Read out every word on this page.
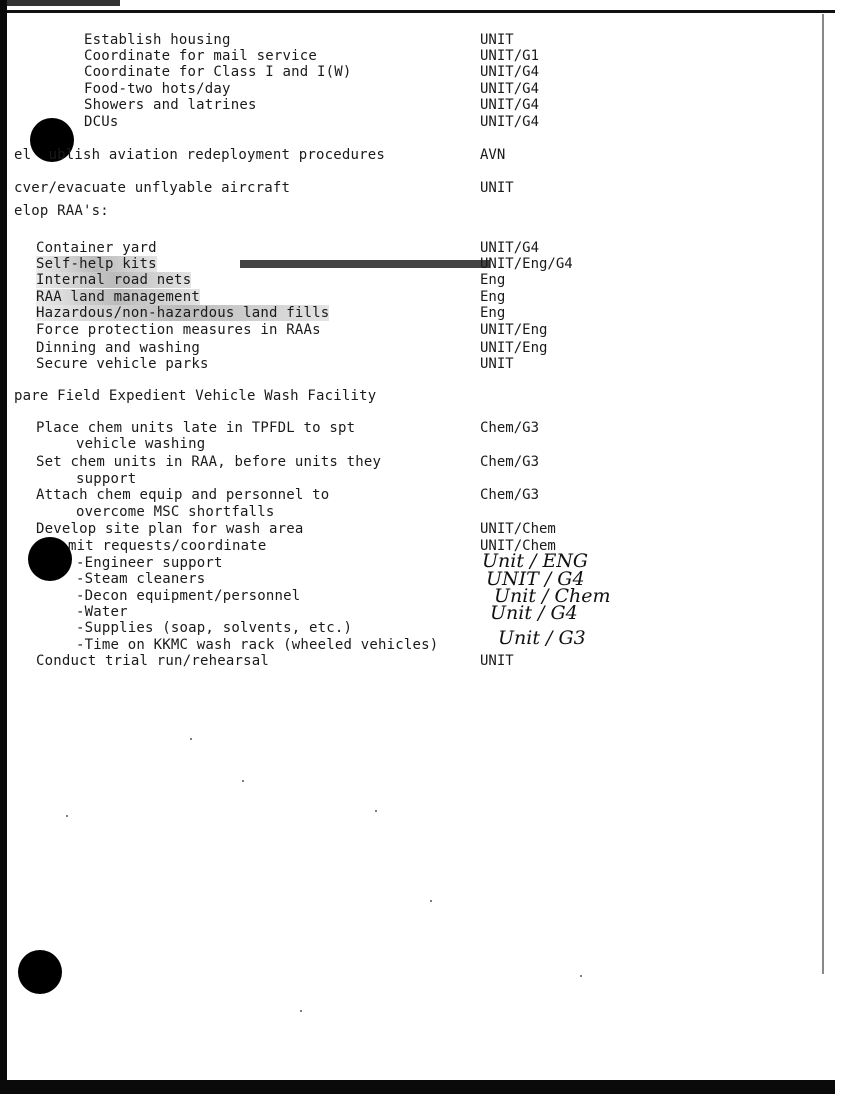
Establish housing	UNIT
Coordinate for mail service	UNIT/G1
Coordinate for Class I and I(W)	UNIT/G4
Food-two hots/day	UNIT/G4
Showers and latrines	UNIT/G4
DCUs	UNIT/G4
el  ublish aviation redeployment procedures	AVN
cver/evacuate unflyable aircraft	UNIT
elop RAA's:
Container yard	UNIT/G4
Self-help kits	UNIT/Eng/G4
Internal road nets	Eng
RAA land management	Eng
Hazardous/non-hazardous land fills	Eng
Force protection measures in RAAs	UNIT/Eng
Dinning and washing	UNIT/Eng
Secure vehicle parks	UNIT
pare Field Expedient Vehicle Wash Facility
Place chem units late in TPFDL to spt	Chem/G3
vehicle washing
Set chem units in RAA, before units they	Chem/G3
support
Attach chem equip and personnel to	Chem/G3
overcome MSC shortfalls
Develop site plan for wash area	UNIT/Chem
mit requests/coordinate	UNIT/Chem
-Engineer support	Unit / ENG
-Steam cleaners	UNIT / G4
-Decon equipment/personnel	Unit / Chem
-Water	Unit / G4
-Supplies (soap, solvents, etc.)
-Time on KKMC wash rack (wheeled vehicles)	Unit / G3
Conduct trial run/rehearsal	UNIT
